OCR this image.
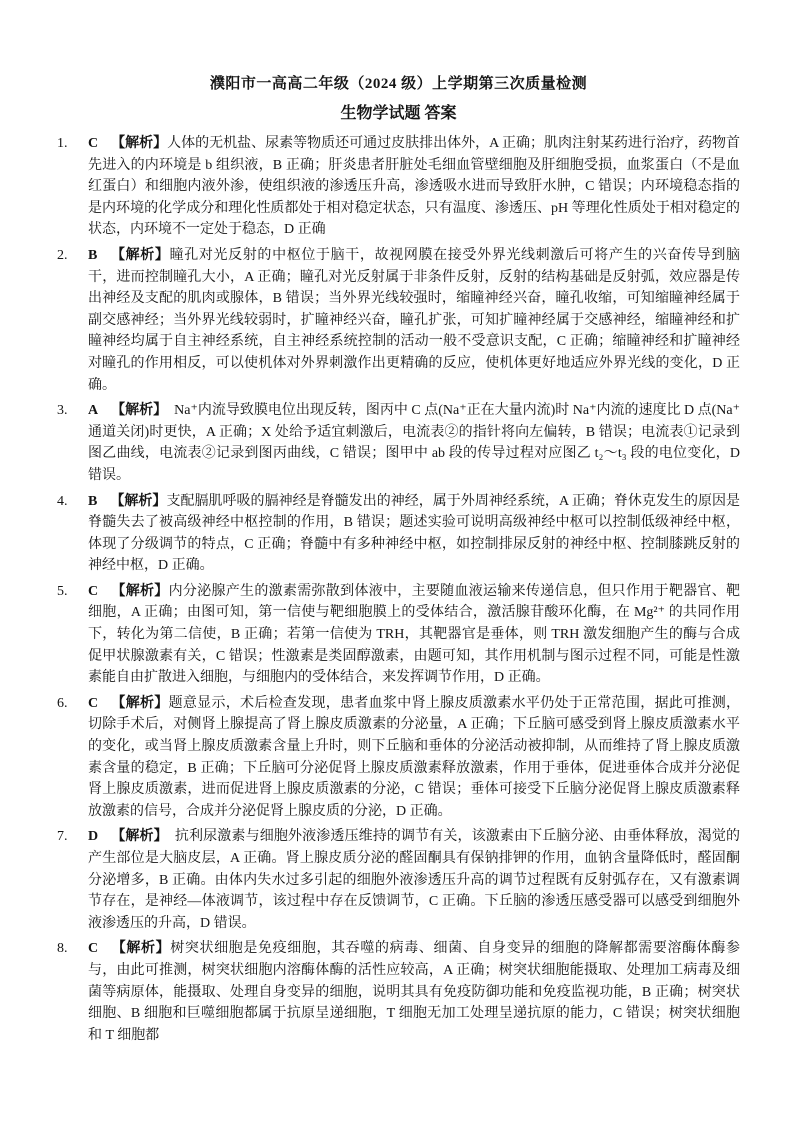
濮阳市一高高二年级（2024 级）上学期第三次质量检测
生物学试题 答案
1. C 【解析】人体的无机盐、尿素等物质还可通过皮肤排出体外，A 正确；肌肉注射某药进行治疗，药物首先进入的内环境是 b 组织液，B 正确；肝炎患者肝脏处毛细血管壁细胞及肝细胞受损，血浆蛋白（不是血红蛋白）和细胞内液外渗，使组织液的渗透压升高，渗透吸水进而导致肝水肿，C 错误；内环境稳态指的是内环境的化学成分和理化性质都处于相对稳定状态，只有温度、渗透压、pH 等理化性质处于相对稳定的状态，内环境不一定处于稳态，D 正确
2. B 【解析】瞳孔对光反射的中枢位于脑干，故视网膜在接受外界光线刺激后可将产生的兴奋传导到脑干，进而控制瞳孔大小，A 正确；瞳孔对光反射属于非条件反射，反射的结构基础是反射弧，效应器是传出神经及支配的肌肉或腺体，B 错误；当外界光线较强时，缩瞳神经兴奋，瞳孔收缩，可知缩瞳神经属于副交感神经；当外界光线较弱时，扩瞳神经兴奋，瞳孔扩张，可知扩瞳神经属于交感神经，缩瞳神经和扩瞳神经均属于自主神经系统，自主神经系统控制的活动一般不受意识支配，C 正确；缩瞳神经和扩瞳神经对瞳孔的作用相反，可以使机体对外界刺激作出更精确的反应，使机体更好地适应外界光线的变化，D 正确。
3. A 【解析】　Na⁺内流导致膜电位出现反转，图丙中 C 点(Na⁺正在大量内流)时 Na⁺内流的速度比 D 点(Na⁺通道关闭)时更快，A 正确；X 处给予适宜刺激后，电流表②的指针将向左偏转，B 错误；电流表①记录到图乙曲线，电流表②记录到图丙曲线，C 错误；图甲中 ab 段的传导过程对应图乙 t₂～t₃ 段的电位变化，D 错误。
4. B 【解析】支配膈肌呼吸的膈神经是脊髓发出的神经，属于外周神经系统，A 正确；脊休克发生的原因是脊髓失去了被高级神经中枢控制的作用，B 错误；题述实验可说明高级神经中枢可以控制低级神经中枢，体现了分级调节的特点，C 正确；脊髓中有多种神经中枢，如控制排尿反射的神经中枢、控制膝跳反射的神经中枢，D 正确。
5. C 【解析】内分泌腺产生的激素需弥散到体液中，主要随血液运输来传递信息，但只作用于靶器官、靶细胞，A 正确；由图可知，第一信使与靶细胞膜上的受体结合，激活腺苷酸环化酶，在 Mg²⁺ 的共同作用下，转化为第二信使，B 正确；若第一信使为 TRH，其靶器官是垂体，则 TRH 激发细胞产生的酶与合成促甲状腺激素有关，C 错误；性激素是类固醇激素，由题可知，其作用机制与图示过程不同，可能是性激素能自由扩散进入细胞，与细胞内的受体结合，来发挥调节作用，D 正确。
6. C 【解析】题意显示，术后检查发现，患者血浆中肾上腺皮质激素水平仍处于正常范围，据此可推测，切除手术后，对侧肾上腺提高了肾上腺皮质激素的分泌量，A 正确；下丘脑可感受到肾上腺皮质激素水平的变化，或当肾上腺皮质激素含量上升时，则下丘脑和垂体的分泌活动被抑制，从而维持了肾上腺皮质激素含量的稳定，B 正确；下丘脑可分泌促肾上腺皮质激素释放激素，作用于垂体，促进垂体合成并分泌促肾上腺皮质激素，进而促进肾上腺皮质激素的分泌，C 错误；垂体可接受下丘脑分泌促肾上腺皮质激素释放激素的信号，合成并分泌促肾上腺皮质的分泌，D 正确。
7. D 【解析】　抗利尿激素与细胞外液渗透压维持的调节有关，该激素由下丘脑分泌、由垂体释放，渴觉的产生部位是大脑皮层，A 正确。肾上腺皮质分泌的醛固酮具有保钠排钾的作用，血钠含量降低时，醛固酮分泌增多，B 正确。由体内失水过多引起的细胞外液渗透压升高的调节过程既有反射弧存在，又有激素调节存在，是神经—体液调节，该过程中存在反馈调节，C 正确。下丘脑的渗透压感受器可以感受到细胞外液渗透压的升高，D 错误。
8. C 【解析】树突状细胞是免疫细胞，其吞噬的病毒、细菌、自身变异的细胞的降解都需要溶酶体酶参与，由此可推测，树突状细胞内溶酶体酶的活性应较高，A 正确；树突状细胞能摄取、处理加工病毒及细菌等病原体，能摄取、处理自身变异的细胞，说明其具有免疫防御功能和免疫监视功能，B 正确；树突状细胞、B 细胞和巨噬细胞都属于抗原呈递细胞，T 细胞无加工处理呈递抗原的能力，C 错误；树突状细胞和 T 细胞都
